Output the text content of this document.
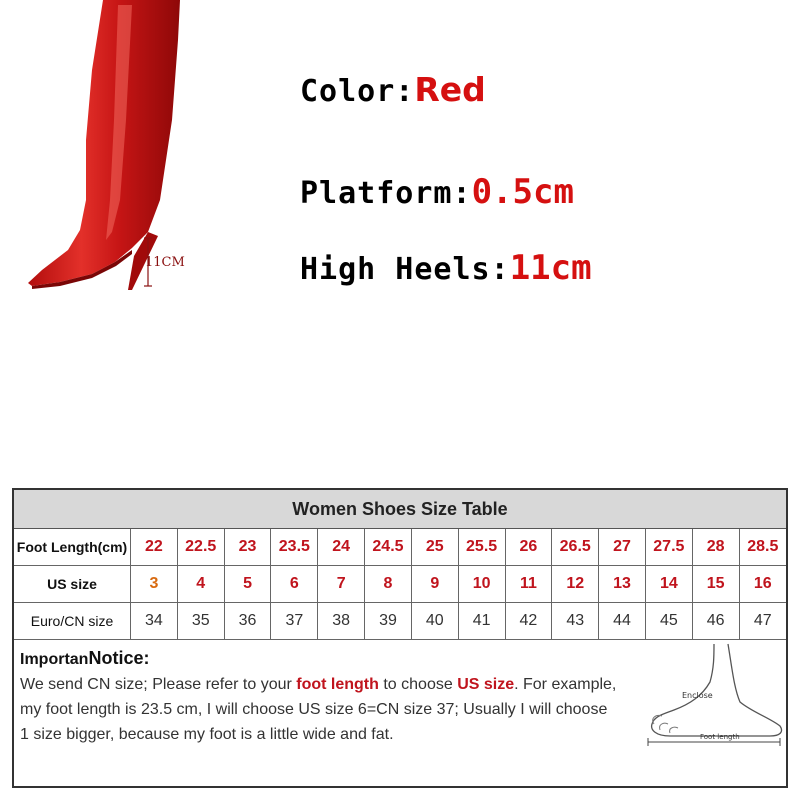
11CM
Color:Red
Platform:0.5cm
High Heels:11cm
Women Shoes Size Table
Foot Length(cm)	22	22.5	23	23.5	24	24.5	25	25.5	26	26.5	27	27.5	28	28.5
US size	3	4	5	6	7	8	9	10	11	12	13	14	15	16
Euro/CN size	34	35	36	37	38	39	40	41	42	43	44	45	46	47
ImportanNotice:
We send CN size; Please refer to your foot length to choose US size. For example,
my foot length is 23.5 cm, I will choose US size 6=CN size 37; Usually I will choose
1 size bigger, because my foot is a little wide and fat.
Enclose
Foot length
